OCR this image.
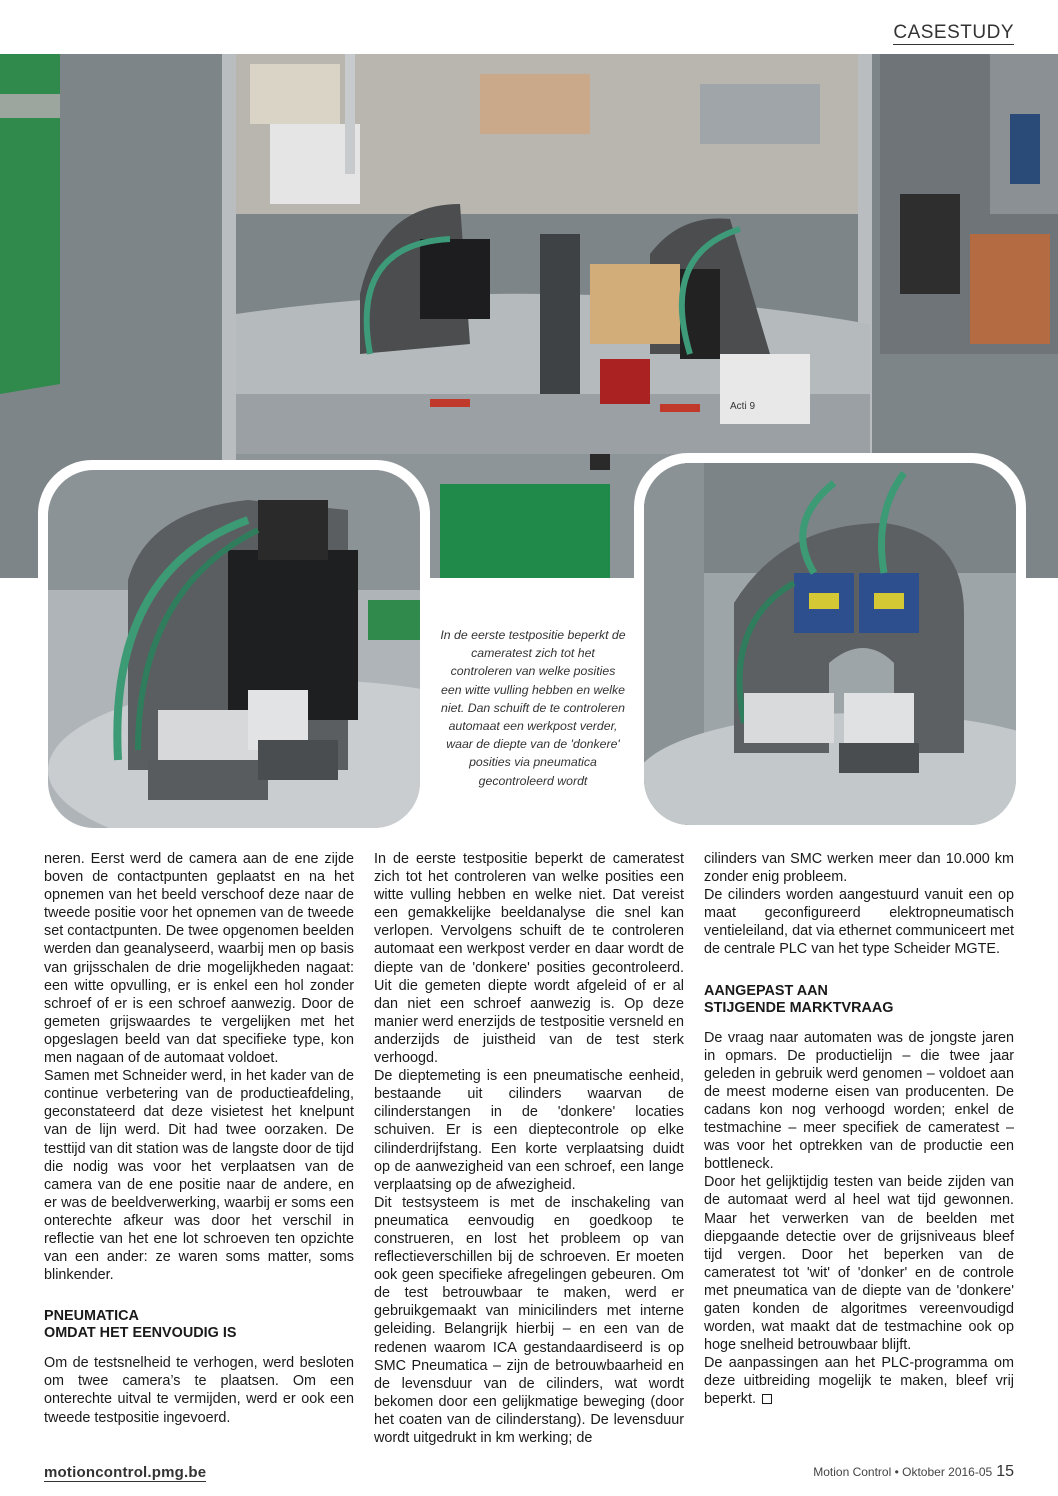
CASESTUDY
Acti 9
In de eerste testpositie beperkt de cameratest zich tot het controleren van welke posities een witte vulling hebben en welke niet. Dan schuift de te controleren automaat een werkpost verder, waar de diepte van de 'donkere' posities via pneumatica gecontroleerd wordt

neren. Eerst werd de camera aan de ene zijde boven de contactpunten geplaatst en na het opnemen van het beeld verschoof deze naar de tweede positie voor het opnemen van de tweede set contactpunten. De twee opgenomen beelden werden dan geanalyseerd, waarbij men op basis van grijsschalen de drie mogelijkheden nagaat: een witte opvulling, er is enkel een hol zonder schroef of er is een schroef aanwezig. Door de gemeten grijswaardes te vergelijken met het opgeslagen beeld van dat specifieke type, kon men nagaan of de automaat voldoet.

Samen met Schneider werd, in het kader van de continue verbetering van de productieafdeling, geconstateerd dat deze visietest het knelpunt van de lijn werd. Dit had twee oorzaken. De testtijd van dit station was de langste door de tijd die nodig was voor het verplaatsen van de camera van de ene positie naar de andere, en er was de beeldverwerking, waarbij er soms een onterechte afkeur was door het verschil in reflectie van het ene lot schroeven ten opzichte van een ander: ze waren soms matter, soms blinkender.

PNEUMATICA
OMDAT HET EENVOUDIG IS

Om de testsnelheid te verhogen, werd besloten om twee camera’s te plaatsen. Om een onterechte uitval te vermijden, werd er ook een tweede testpositie ingevoerd.

In de eerste testpositie beperkt de cameratest zich tot het controleren van welke posities een witte vulling hebben en welke niet. Dat vereist een gemakkelijke beeldanalyse die snel kan verlopen. Vervolgens schuift de te controleren automaat een werkpost verder en daar wordt de diepte van de 'donkere' posities gecontroleerd. Uit die gemeten diepte wordt afgeleid of er al dan niet een schroef aanwezig is. Op deze manier werd enerzijds de testpositie versneld en anderzijds de juistheid van de test sterk verhoogd.

De dieptemeting is een pneumatische eenheid, bestaande uit cilinders waarvan de cilinderstangen in de 'donkere' locaties schuiven. Er is een dieptecontrole op elke cilinderdrijfstang. Een korte verplaatsing duidt op de aanwezigheid van een schroef, een lange verplaatsing op de afwezigheid.

Dit testsysteem is met de inschakeling van pneumatica eenvoudig en goedkoop te construeren, en lost het probleem op van reflectieverschillen bij de schroeven. Er moeten ook geen specifieke afregelingen gebeuren. Om de test betrouwbaar te maken, werd er gebruikgemaakt van minicilinders met interne geleiding. Belangrijk hierbij – en een van de redenen waarom ICA gestandaardiseerd is op SMC Pneumatica – zijn de betrouwbaarheid en de levensduur van de cilinders, wat wordt bekomen door een gelijkmatige beweging (door het coaten van de cilinderstang). De levensduur wordt uitgedrukt in km werking; de

cilinders van SMC werken meer dan 10.000 km zonder enig probleem.

De cilinders worden aangestuurd vanuit een op maat geconfigureerd elektropneumatisch ventieleiland, dat via ethernet communiceert met de centrale PLC van het type Scheider MGTE.

AANGEPAST AAN
STIJGENDE MARKTVRAAG

De vraag naar automaten was de jongste jaren in opmars. De productielijn – die twee jaar geleden in gebruik werd genomen – voldoet aan de meest moderne eisen van producenten. De cadans kon nog verhoogd worden; enkel de testmachine – meer specifiek de cameratest – was voor het optrekken van de productie een bottleneck.

Door het gelijktijdig testen van beide zijden van de automaat werd al heel wat tijd gewonnen. Maar het verwerken van de beelden met diepgaande detectie over de grijsniveaus bleef tijd vergen. Door het beperken van de cameratest tot 'wit' of 'donker' en de controle met pneumatica van de diepte van de 'donkere' gaten konden de algoritmes vereenvoudigd worden, wat maakt dat de testmachine ook op hoge snelheid betrouwbaar blijft.

De aanpassingen aan het PLC-programma om deze uitbreiding mogelijk te maken, bleef vrij beperkt.

motioncontrol.pmg.be	Motion Control • Oktober 2016-05 15
